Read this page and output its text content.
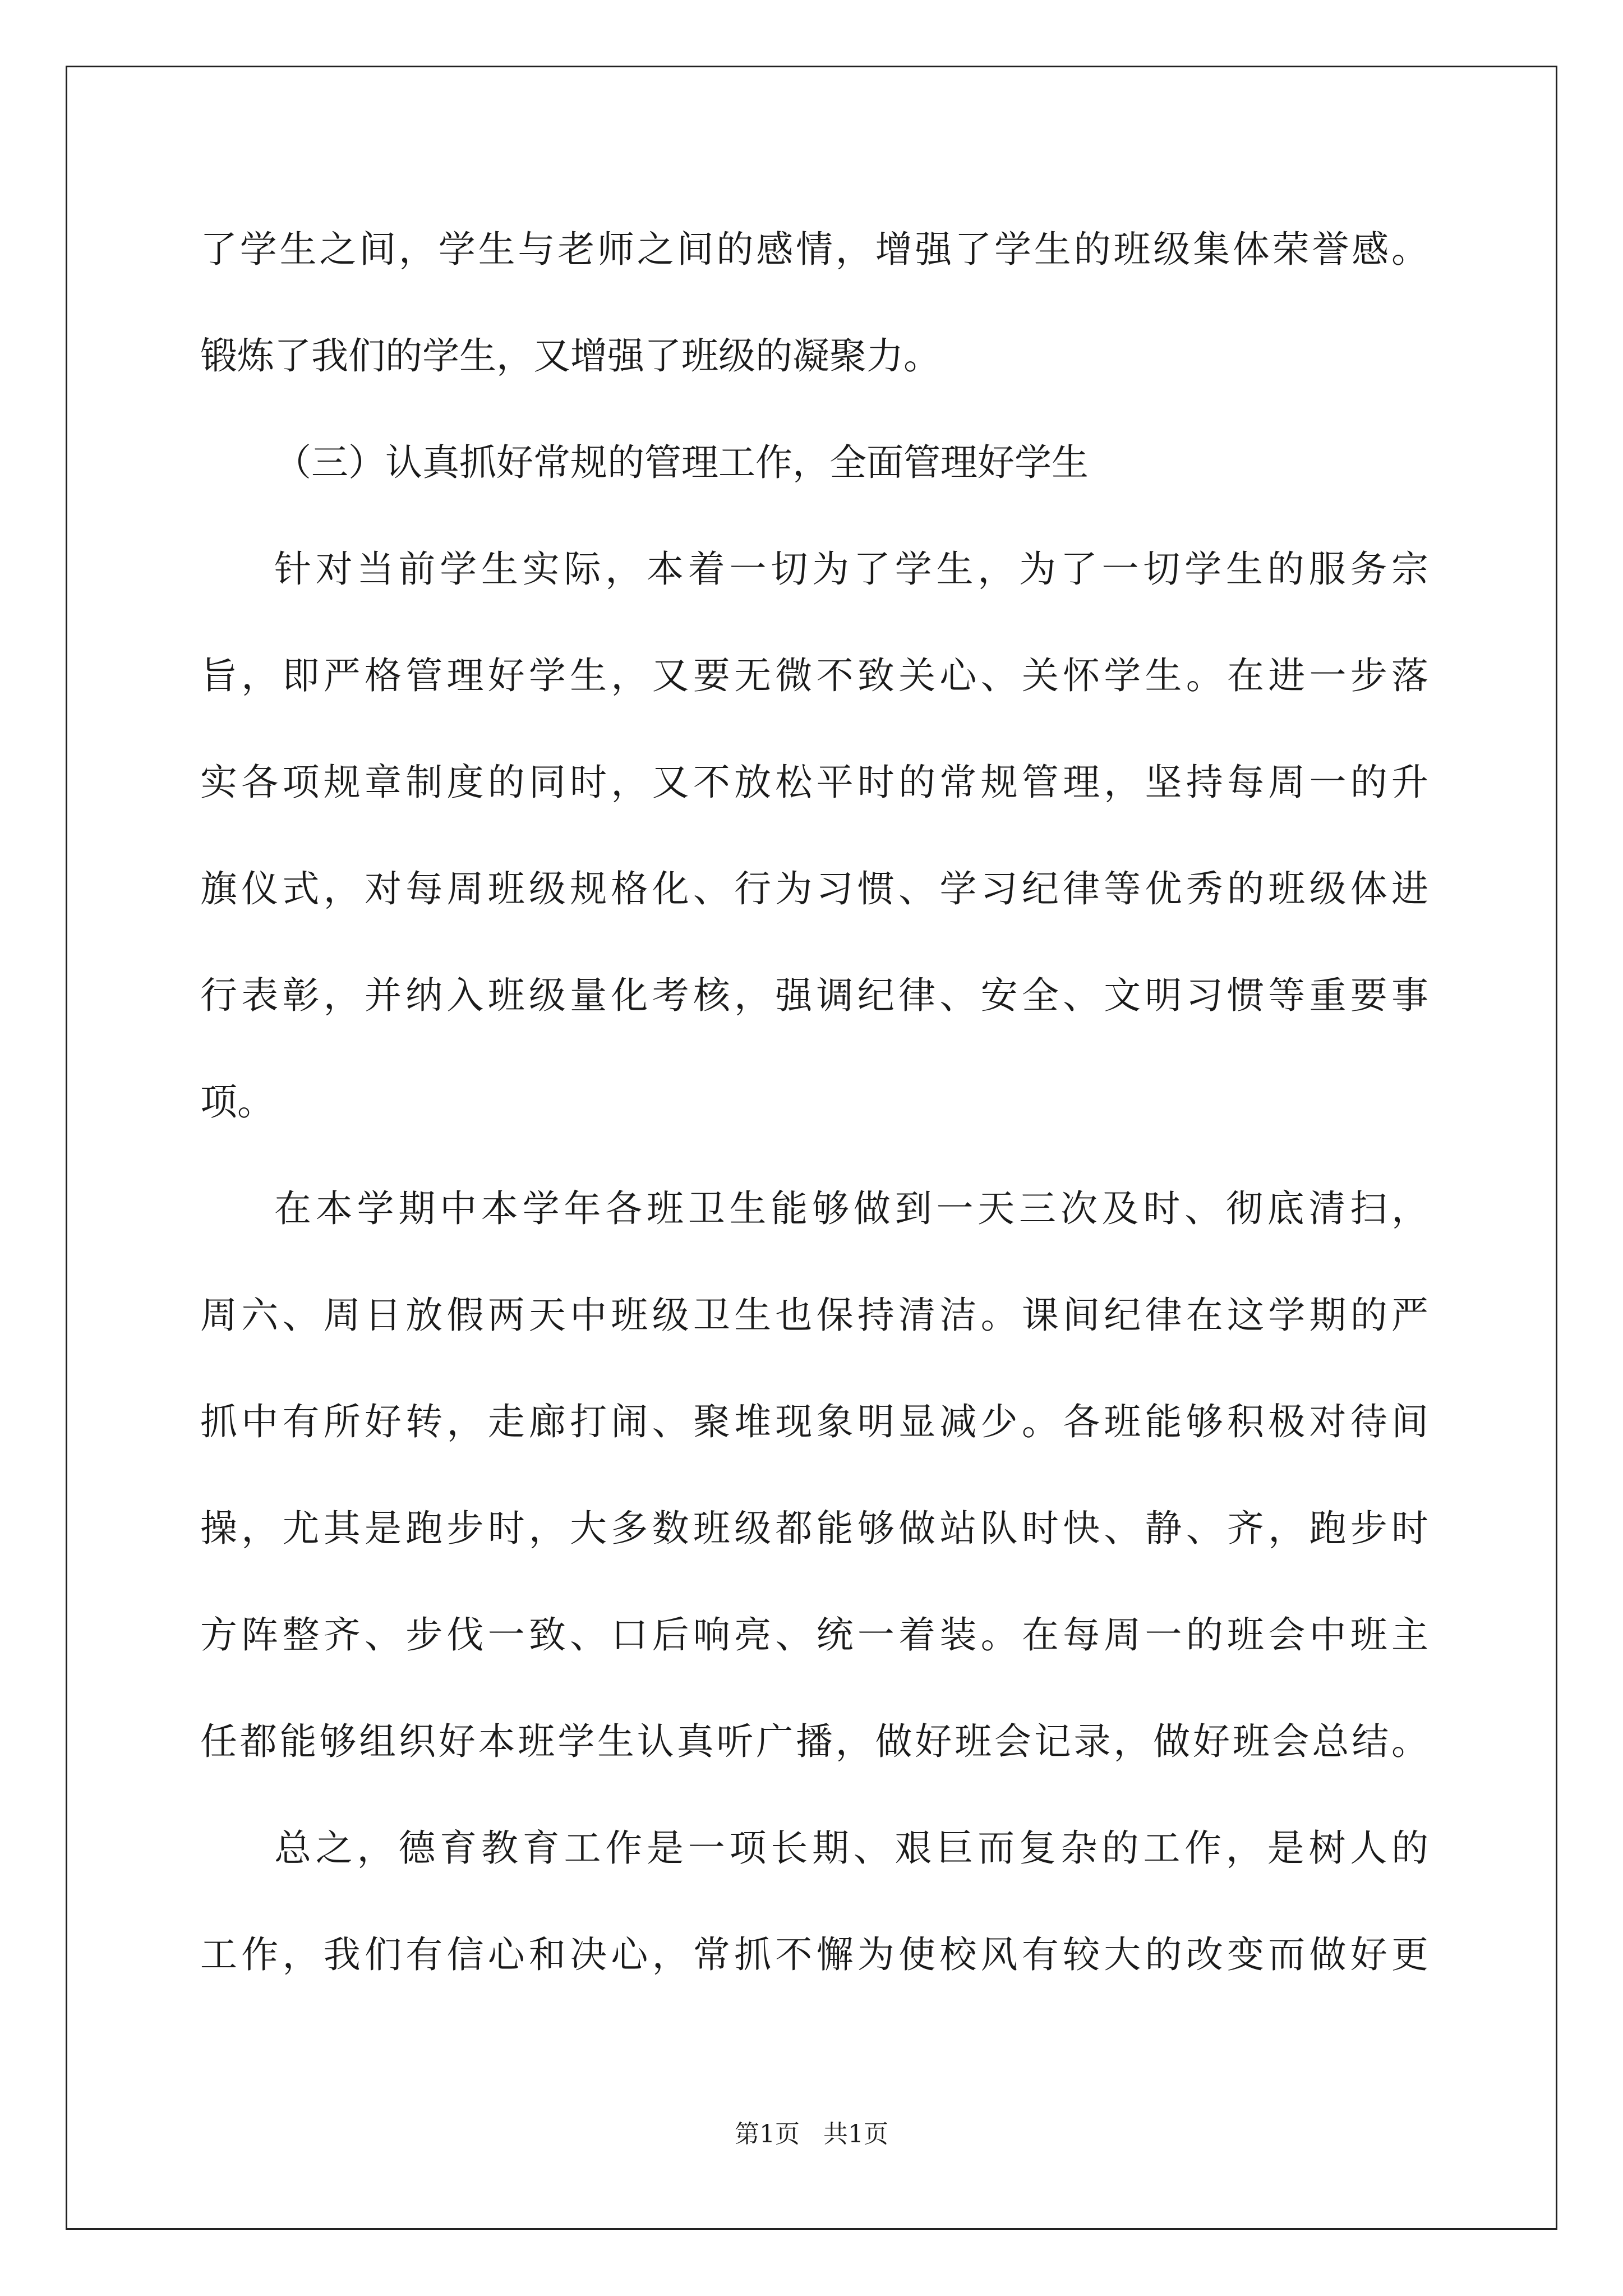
了学生之间，学生与老师之间的感情，增强了学生的班级集体荣誉感。
锻炼了我们的学生，又增强了班级的凝聚力。
（三）认真抓好常规的管理工作，全面管理好学生
针对当前学生实际，本着一切为了学生，为了一切学生的服务宗
旨，即严格管理好学生，又要无微不致关心、关怀学生。在进一步落
实各项规章制度的同时，又不放松平时的常规管理，坚持每周一的升
旗仪式，对每周班级规格化、行为习惯、学习纪律等优秀的班级体进
行表彰，并纳入班级量化考核，强调纪律、安全、文明习惯等重要事
项。
在本学期中本学年各班卫生能够做到一天三次及时、彻底清扫，
周六、周日放假两天中班级卫生也保持清洁。课间纪律在这学期的严
抓中有所好转，走廊打闹、聚堆现象明显减少。各班能够积极对待间
操，尤其是跑步时，大多数班级都能够做站队时快、静、齐，跑步时
方阵整齐、步伐一致、口后响亮、统一着装。在每周一的班会中班主
任都能够组织好本班学生认真听广播，做好班会记录，做好班会总结。
总之，德育教育工作是一项长期、艰巨而复杂的工作，是树人的
工作，我们有信心和决心，常抓不懈为使校风有较大的改变而做好更
第1页 共1页
